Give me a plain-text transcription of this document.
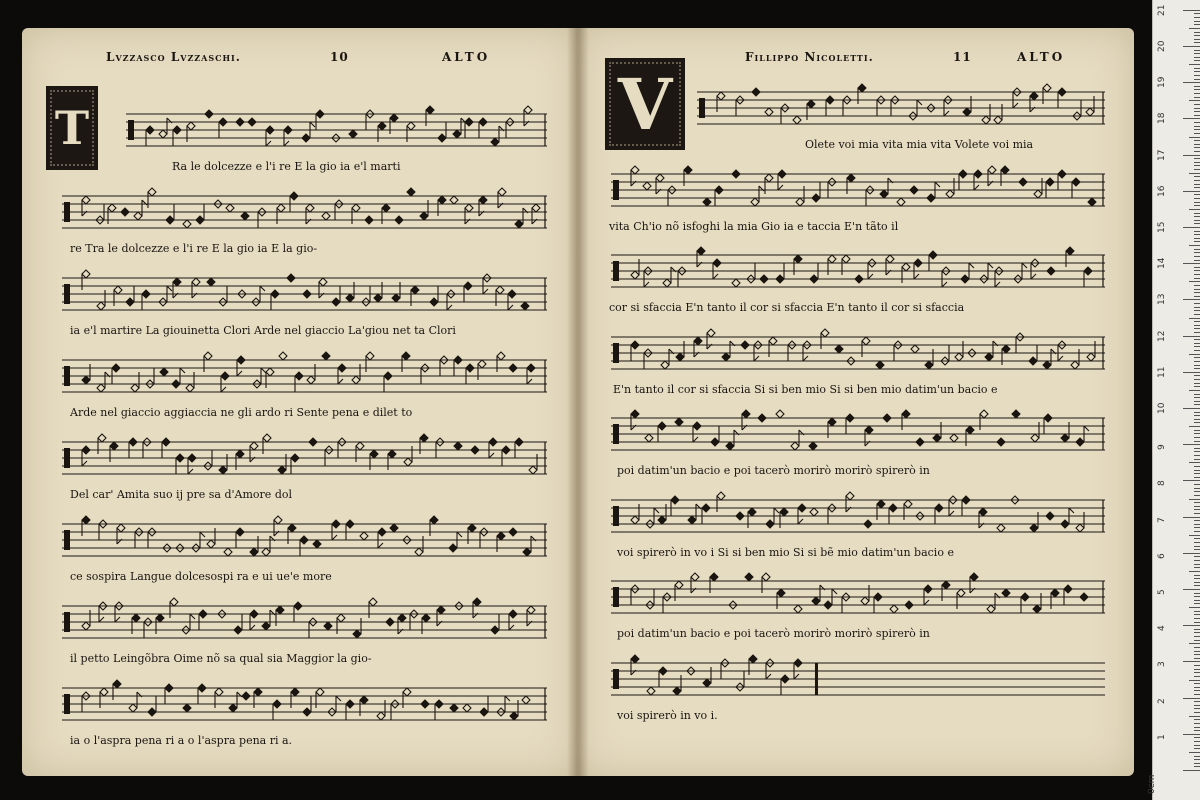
Lvzzasco Lvzzaschi.	10	ALTO
T
Ra le dolcezze e l'i re E la gio ia e'l marti
re Tra le dolcezze e l'i re E la gio ia E la gio-
ia e'l martire La giouinetta Clori Arde nel giaccio La'giou net ta Clori
Arde nel giaccio aggiaccia ne gli ardo ri Sente pena e dilet to
Del car' Amita suo ij pre sa d'Amore dol
ce sospira Langue dolcesospi ra e ui ue'e more
il petto Leingõbra Oime nõ sa qual sia Maggior la gio-
ia o l'aspra pena ri a o l'aspra pena ri a.
Fillippo Nicoletti.	11	ALTO
V	Olete voi mia vita mia vita Volete voi mia
vita Ch'io nõ isfoghi la mia Gio ia e taccia E'n tãto il
cor si sfaccia E'n tanto il cor si sfaccia E'n tanto il cor si sfaccia
E'n tanto il cor si sfaccia Si si ben mio Si si ben mio datim'un bacio e
poi datim'un bacio e poi tacerò morirò morirò spirerò in
voi spirerò in vo i Si si ben mio Si si bẽ mio datim'un bacio e
poi datim'un bacio e poi tacerò morirò morirò spirerò in
voi spirerò in vo i.
1
2
3
4
5
6
7
8
9
10
11
12
13
14
15
16
17
18
19
20
21
0cm
